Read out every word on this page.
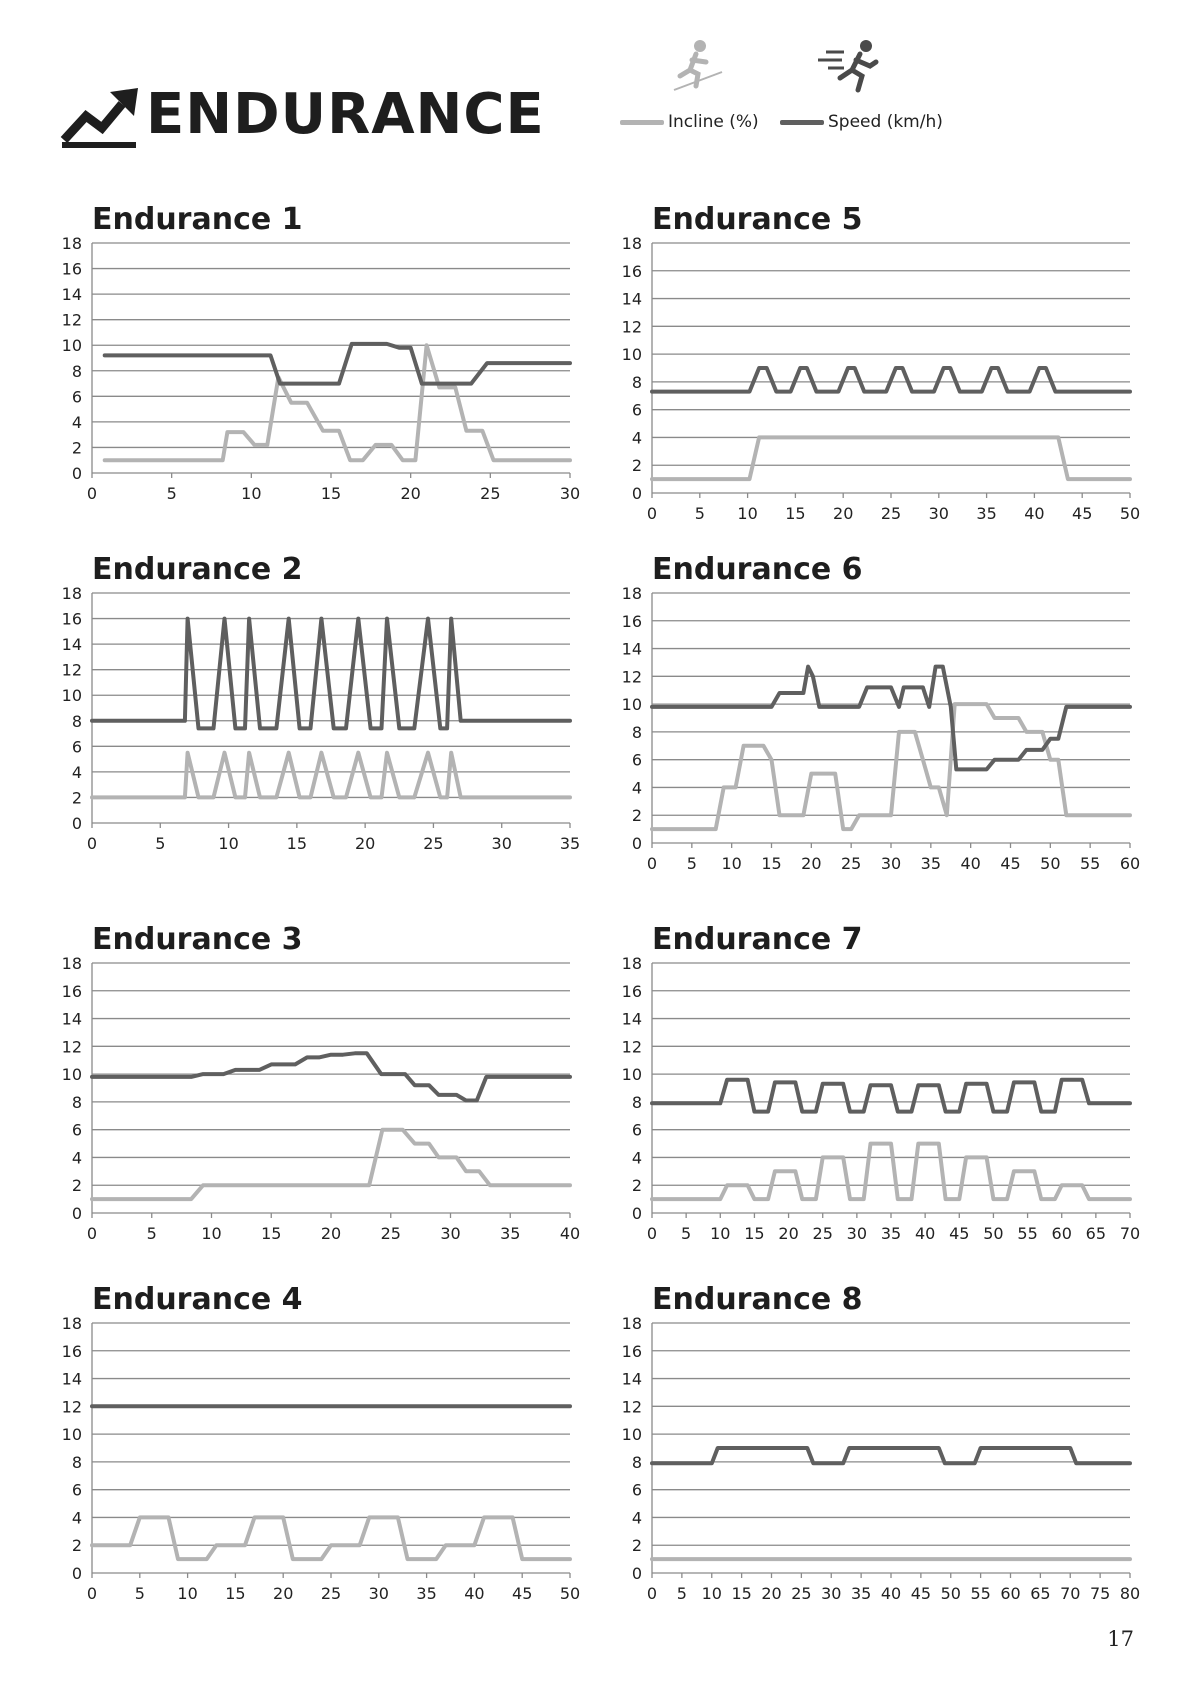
ENDURANCE	Incline (%)	Speed (km/h)
Endurance 1
0
2
4
6
8
10
12
14
16
18
0	5	10	15	20	25	30
Endurance 5
0
2
4
6
8
10
12
14
16
18
0 5 10 15 20 25 30 35 40 45 50
Endurance 2
0
2
4
6
8
10
12
14
16
18
0	5	10	15	20	25	30	35
Endurance 6
0
2
4
6
8
10
12
14
16
18
0 5 10 15 20 25 30 35 40 45 50 55 60
Endurance 3
0
2
4
6
8
10
12
14
16
18
0	5	10 15 20 25 30 35 40
Endurance 7
0
2
4
6
8
10
12
14
16
18
0 5 10 15 20 25 30 35 40 45 50 55 60 65 70
Endurance 4
0
2
4
6
8
10
12
14
16
18
0 5 10 15 20 25 30 35 40 45 50
Endurance 8
0
2
4
6
8
10
12
14
16
18
0 5 10 15 20 25 30 35 40 45 50 55 60 65 70 75 80
17
